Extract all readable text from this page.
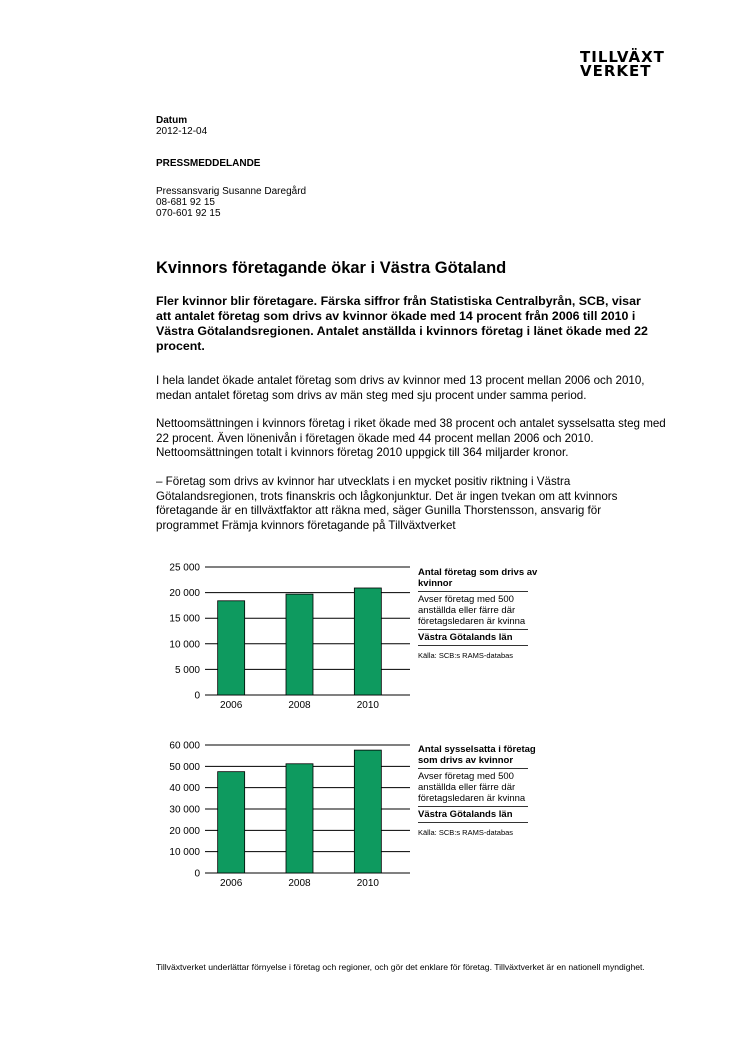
TILLVÄXT
VERKET
Datum
2012-12-04
PRESSMEDDELANDE
Pressansvarig Susanne Daregård
08-681 92 15
070-601 92 15
Kvinnors företagande ökar i Västra Götaland

Fler kvinnor blir företagare. Färska siffror från Statistiska Centralbyrån, SCB, visar att antalet företag som drivs av kvinnor ökade med 14 procent från 2006 till 2010 i Västra Götalandsregionen. Antalet anställda i kvinnors företag i länet ökade med 22 procent.

I hela landet ökade antalet företag som drivs av kvinnor med 13 procent mellan 2006 och 2010, medan antalet företag som drivs av män steg med sju procent under samma period.

Nettoomsättningen i kvinnors företag i riket ökade med 38 procent och antalet sysselsatta steg med 22 procent. Även lönenivån i företagen ökade med 44 procent mellan 2006 och 2010. Nettoomsättningen totalt i kvinnors företag 2010 uppgick till 364 miljarder kronor.

– Företag som drivs av kvinnor har utvecklats i en mycket positiv riktning i Västra Götalandsregionen, trots finanskris och lågkonjunktur. Det är ingen tvekan om att kvinnors företagande är en tillväxtfaktor att räkna med, säger Gunilla Thorstensson, ansvarig för programmet Främja kvinnors företagande på Tillväxtverket

0
5 000
10 000
15 000
20 000
25 000
2006	2008	2010
Antal företag som drivs av kvinnor
Avser företag med 500 anställda eller färre där företagsledaren är kvinna
Västra Götalands län
Källa: SCB:s RAMS-databas
0
10 000
20 000
30 000
40 000
50 000
60 000
2006	2008	2010
Antal sysselsatta i företag som drivs av kvinnor
Avser företag med 500 anställda eller färre där företagsledaren är kvinna
Västra Götalands län
Källa: SCB:s RAMS-databas
Tillväxtverket underlättar förnyelse i företag och regioner, och gör det enklare för företag. Tillväxtverket är en nationell myndighet.
